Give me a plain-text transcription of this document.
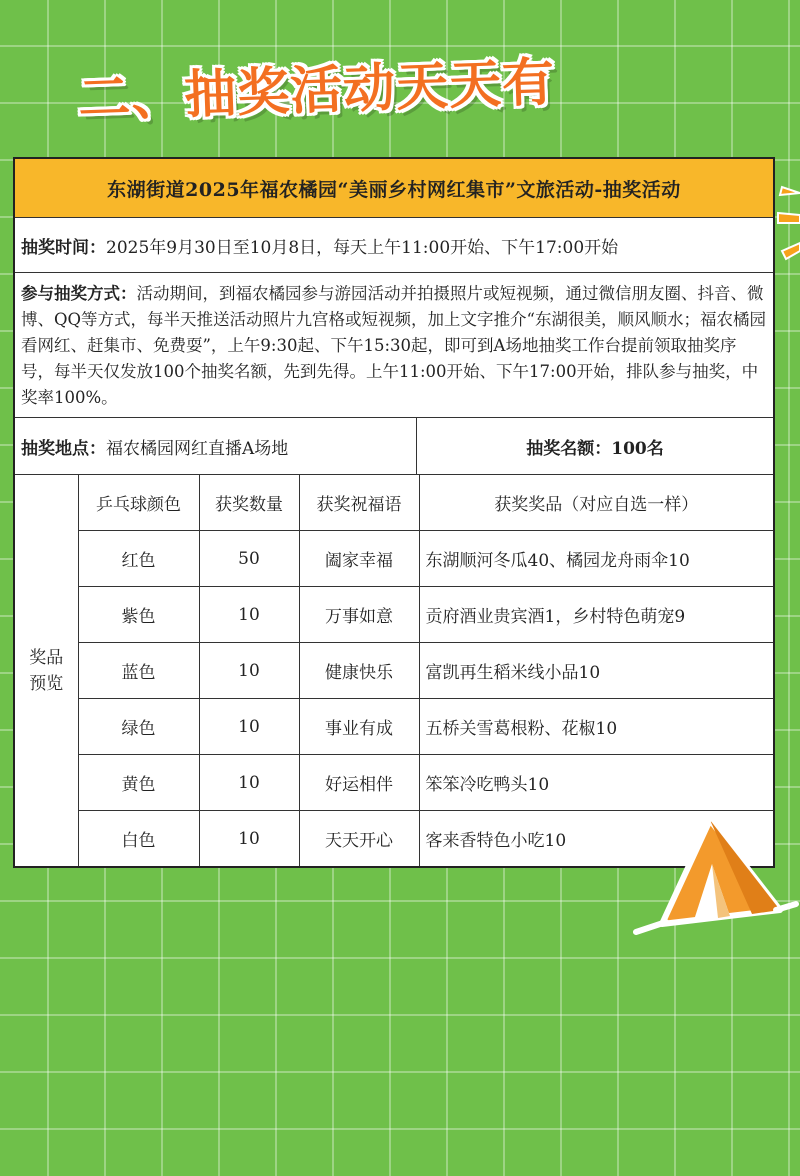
二、抽奖活动天天有
东湖街道2025年福农橘园“美丽乡村网红集市”文旅活动-抽奖活动
抽奖时间： 2025年9月30日至10月8日，每天上午11:00开始、下午17:00开始
参与抽奖方式：活动期间，到福农橘园参与游园活动并拍摄照片或短视频，通过微信朋友圈、抖音、微博、QQ等方式，每半天推送活动照片九宫格或短视频，加上文字推介“东湖很美，顺风顺水；福农橘园看网红、赶集市、免费耍”，上午9:30起、下午15:30起，即可到A场地抽奖工作台提前领取抽奖序号，每半天仅发放100个抽奖名额，先到先得。上午11:00开始、下午17:00开始，排队参与抽奖，中奖率100%。
抽奖地点： 福农橘园网红直播A场地	抽奖名额：100名
奖品
预览	乒乓球颜色	获奖数量	获奖祝福语	获奖奖品（对应自选一样）
	红色	50	阖家幸福	东湖顺河冬瓜40、橘园龙舟雨伞10
	紫色	10	万事如意	贡府酒业贵宾酒1，乡村特色萌宠9
	蓝色	10	健康快乐	富凯再生稻米线小品10
	绿色	10	事业有成	五桥关雪葛根粉、花椒10
	黄色	10	好运相伴	笨笨冷吃鸭头10
	白色	10	天天开心	客来香特色小吃10
